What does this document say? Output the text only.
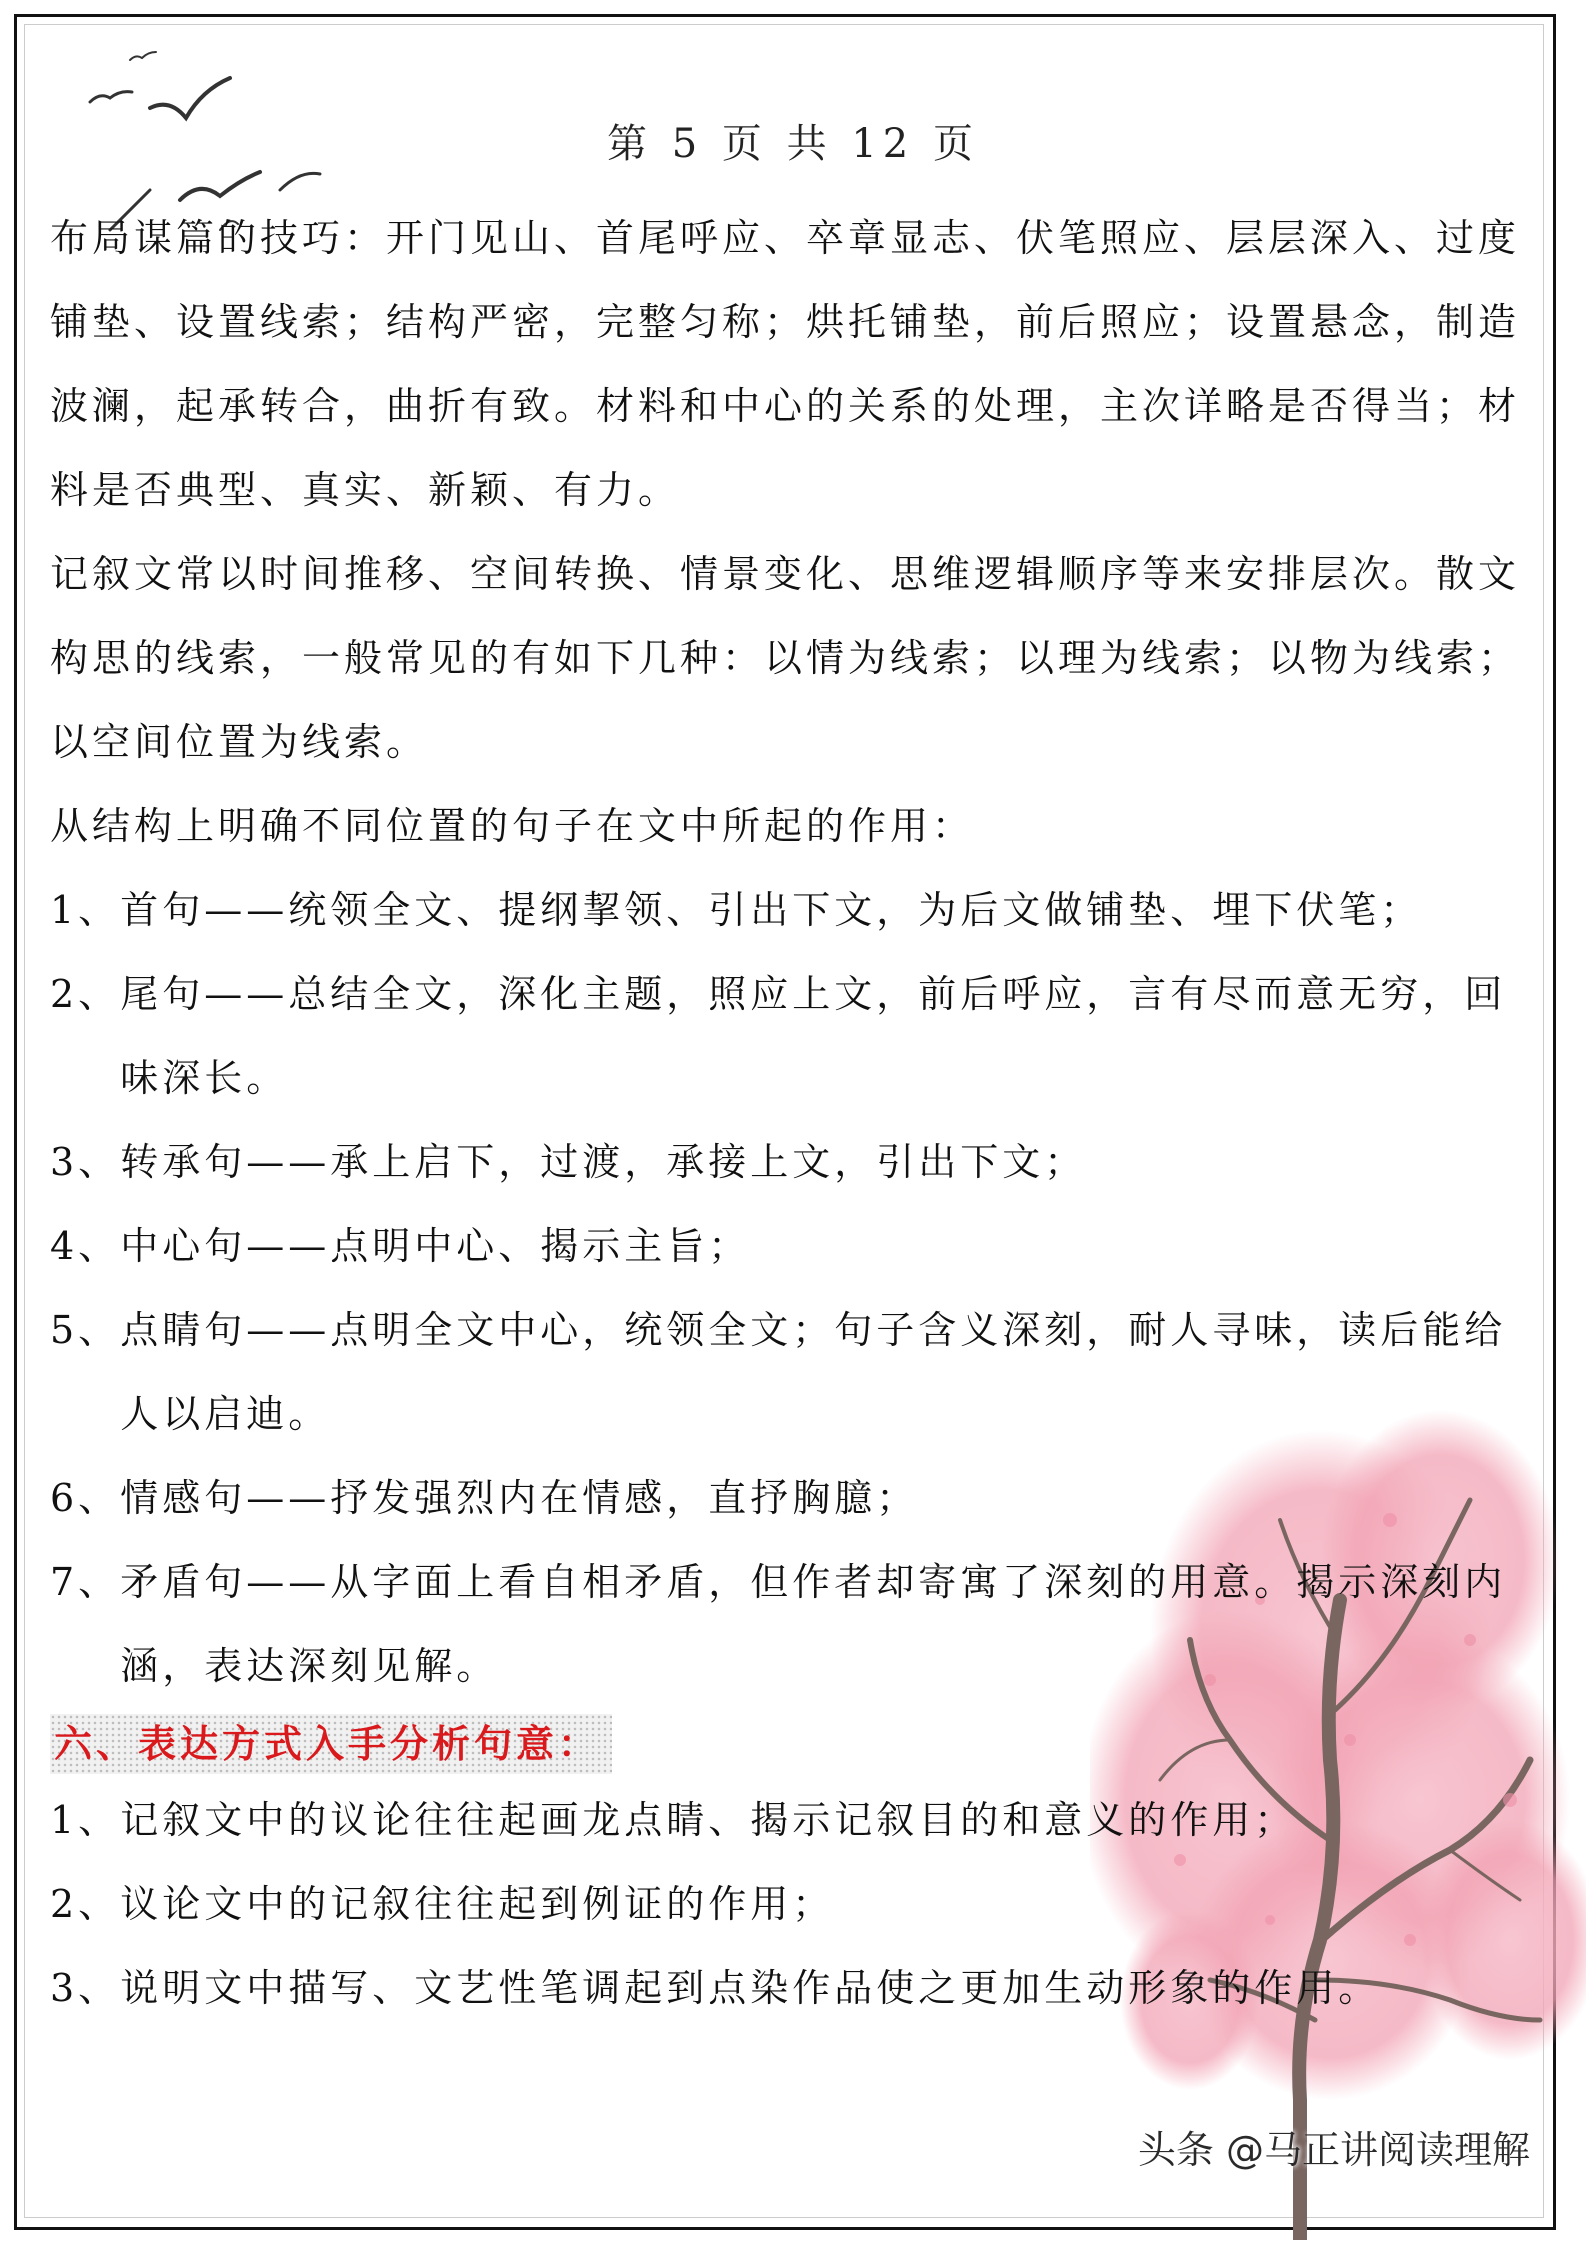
第 5 页 共 12 页

布局谋篇的技巧：开门见山、首尾呼应、卒章显志、伏笔照应、层层深入、过度铺垫、设置线索；结构严密，完整匀称；烘托铺垫，前后照应；设置悬念，制造波澜，起承转合，曲折有致。材料和中心的关系的处理，主次详略是否得当；材料是否典型、真实、新颖、有力。

记叙文常以时间推移、空间转换、情景变化、思维逻辑顺序等来安排层次。散文构思的线索，一般常见的有如下几种：以情为线索；以理为线索；以物为线索；以空间位置为线索。

从结构上明确不同位置的句子在文中所起的作用：

1、 首句——统领全文、提纲挈领、引出下文，为后文做铺垫、埋下伏笔；
2、 尾句——总结全文，深化主题，照应上文，前后呼应，言有尽而意无穷，回味深长。
3、 转承句——承上启下，过渡，承接上文，引出下文；
4、 中心句——点明中心、揭示主旨；
5、 点睛句——点明全文中心，统领全文；句子含义深刻，耐人寻味，读后能给人以启迪。
6、 情感句——抒发强烈内在情感，直抒胸臆；
7、 矛盾句——从字面上看自相矛盾，但作者却寄寓了深刻的用意。揭示深刻内涵，表达深刻见解。
六、表达方式入手分析句意：
1、 记叙文中的议论往往起画龙点睛、揭示记叙目的和意义的作用；
2、 议论文中的记叙往往起到例证的作用；
3、 说明文中描写、文艺性笔调起到点染作品使之更加生动形象的作用。
头条 @马正讲阅读理解
